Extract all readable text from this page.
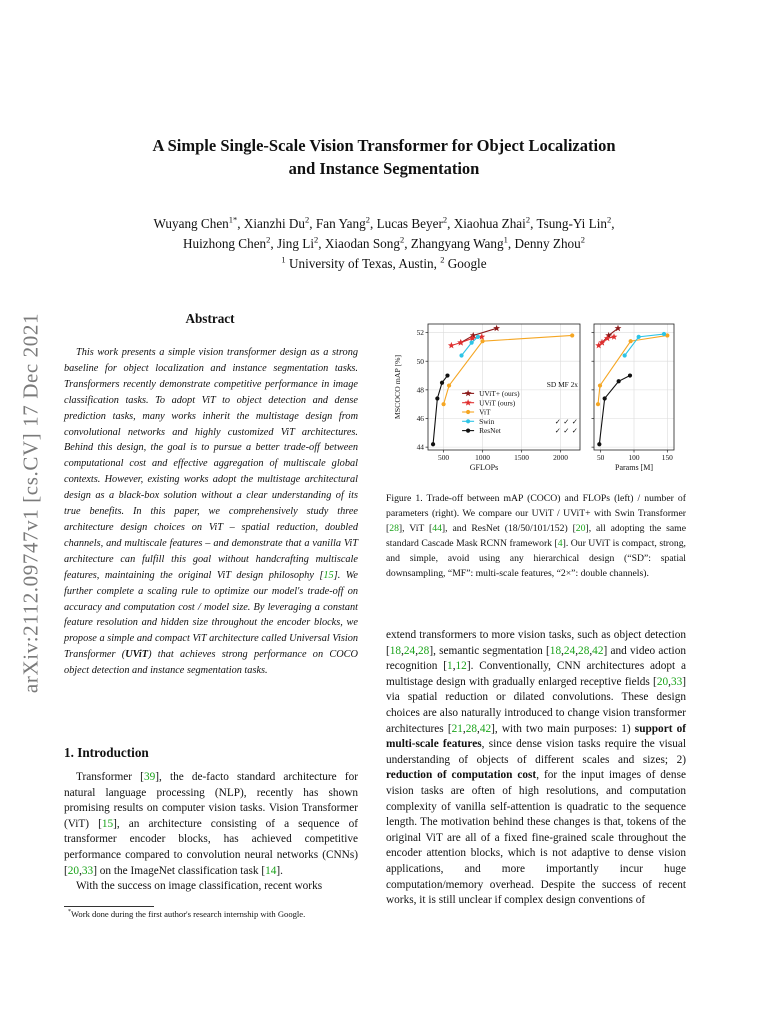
arXiv:2112.09747v1 [cs.CV] 17 Dec 2021
A Simple Single-Scale Vision Transformer for Object Localization
and Instance Segmentation
Wuyang Chen$^{1*}$, Xianzhi Du$^2$, Fan Yang$^2$, Lucas Beyer$^2$, Xiaohua Zhai$^2$, Tsung-Yi Lin$^2$,
Huizhong Chen$^2$, Jing Li$^2$, Xiaodan Song$^2$, Zhangyang Wang$^1$, Denny Zhou$^2$
$^1$ University of Texas, Austin, $^2$ Google
Abstract
This work presents a simple vision transformer design as a strong baseline for object localization and instance segmentation tasks. Transformers recently demonstrate competitive performance in image classification tasks. To adopt ViT to object detection and dense prediction tasks, many works inherit the multistage design from convolutional networks and highly customized ViT architectures. Behind this design, the goal is to pursue a better trade-off between computational cost and effective aggregation of multiscale global contexts. However, existing works adopt the multistage architectural design as a black-box solution without a clear understanding of its true benefits. In this paper, we comprehensively study three architecture design choices on ViT – spatial reduction, doubled channels, and multiscale features – and demonstrate that a vanilla ViT architecture can fulfill this goal without handcrafting multiscale features, maintaining the original ViT design philosophy [15]. We further complete a scaling rule to optimize our model's trade-off on accuracy and computation cost / model size. By leveraging a constant feature resolution and hidden size throughout the encoder blocks, we propose a simple and compact ViT architecture called Universal Vision Transformer (UViT) that achieves strong performance on COCO object detection and instance segmentation tasks.
1. Introduction

Transformer [39], the de-facto standard architecture for natural language processing (NLP), recently has shown promising results on computer vision tasks. Vision Transformer (ViT) [15], an architecture consisting of a sequence of transformer encoder blocks, has achieved competitive performance compared to convolution neural networks (CNNs) [20,33] on the ImageNet classification task [14].

With the success on image classification, recent works

*Work done during the first author's research internship with Google.
500	1000	1500	2000
44
46
48
50
52
GFLOPs
MSCOCO mAP [%]	SD MF 2x
UViT+ (ours)
UViT (ours)
ViT
Swin	✓ ✓ ✓
ResNet	✓ ✓ ✓
50	100	150
Params [M]
Figure 1. Trade-off between mAP (COCO) and FLOPs (left) / number of parameters (right). We compare our UViT / UViT+ with Swin Transformer [28], ViT [44], and ResNet (18/50/101/152) [20], all adopting the same standard Cascade Mask RCNN framework [4]. Our UViT is compact, strong, and simple, avoid using any hierarchical design (“SD”: spatial downsampling, “MF”: multi-scale features, “2×”: double channels).
extend transformers to more vision tasks, such as object detection [18,24,28], semantic segmentation [18,24,28,42] and video action recognition [1,12]. Conventionally, CNN architectures adopt a multistage design with gradually enlarged receptive fields [20,33] via spatial reduction or dilated convolutions. These design choices are also naturally introduced to change vision transformer architectures [21,28,42], with two main purposes: 1) support of multi-scale features, since dense vision tasks require the visual understanding of objects of different scales and sizes; 2) reduction of computation cost, for the input images of dense vision tasks are often of high resolutions, and computation complexity of vanilla self-attention is quadratic to the sequence length. The motivation behind these changes is that, tokens of the original ViT are all of a fixed fine-grained scale throughout the encoder attention blocks, which is not adaptive to dense vision applications, and more importantly incur huge computation/memory overhead. Despite the success of recent works, it is still unclear if complex design conventions of
